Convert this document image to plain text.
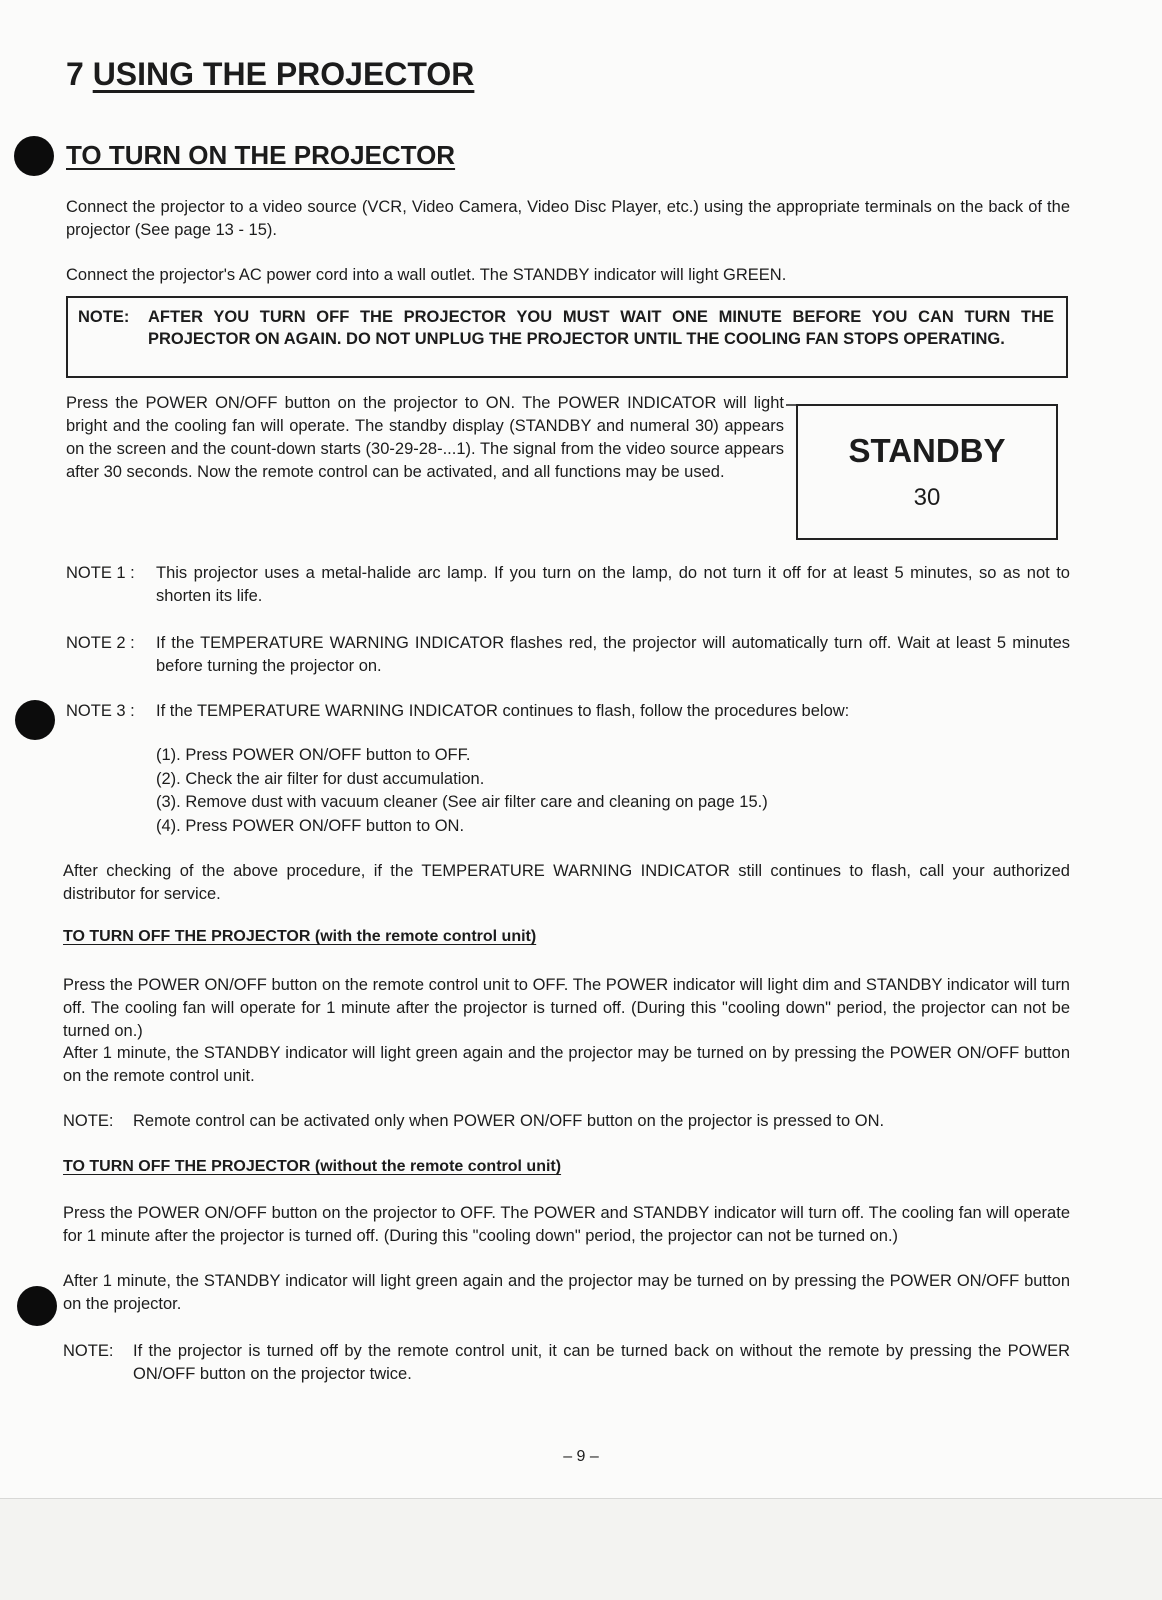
7 USING THE PROJECTOR
TO TURN ON THE PROJECTOR

Connect the projector to a video source (VCR, Video Camera, Video Disc Player, etc.) using the appropriate terminals on the back of the projector (See page 13 - 15).

Connect the projector's AC power cord into a wall outlet. The STANDBY indicator will light GREEN.

NOTE: AFTER YOU TURN OFF THE PROJECTOR YOU MUST WAIT ONE MINUTE BEFORE YOU CAN TURN THE PROJECTOR ON AGAIN. DO NOT UNPLUG THE PROJECTOR UNTIL THE COOLING FAN STOPS OPERATING.

Press the POWER ON/OFF button on the projector to ON. The POWER INDICATOR will light bright and the cooling fan will operate. The standby display (STANDBY and numeral 30) appears on the screen and the count-down starts (30-29-28-...1). The signal from the video source appears after 30 seconds. Now the remote control can be activated, and all functions may be used.

STANDBY
30
NOTE 1 : This projector uses a metal-halide arc lamp. If you turn on the lamp, do not turn it off for at least 5 minutes, so as not to shorten its life.
NOTE 2 : If the TEMPERATURE WARNING INDICATOR flashes red, the projector will automatically turn off. Wait at least 5 minutes before turning the projector on.
NOTE 3 : If the TEMPERATURE WARNING INDICATOR continues to flash, follow the procedures below:
(1). Press POWER ON/OFF button to OFF.
(2). Check the air filter for dust accumulation.
(3). Remove dust with vacuum cleaner (See air filter care and cleaning on page 15.)
(4). Press POWER ON/OFF button to ON.

After checking of the above procedure, if the TEMPERATURE WARNING INDICATOR still continues to flash, call your authorized distributor for service.

TO TURN OFF THE PROJECTOR (with the remote control unit)

Press the POWER ON/OFF button on the remote control unit to OFF. The POWER indicator will light dim and STANDBY indicator will turn off. The cooling fan will operate for 1 minute after the projector is turned off. (During this "cooling down" period, the projector can not be turned on.)

After 1 minute, the STANDBY indicator will light green again and the projector may be turned on by pressing the POWER ON/OFF button on the remote control unit.

NOTE: Remote control can be activated only when POWER ON/OFF button on the projector is pressed to ON.
TO TURN OFF THE PROJECTOR (without the remote control unit)

Press the POWER ON/OFF button on the projector to OFF. The POWER and STANDBY indicator will turn off. The cooling fan will operate for 1 minute after the projector is turned off. (During this "cooling down" period, the projector can not be turned on.)

After 1 minute, the STANDBY indicator will light green again and the projector may be turned on by pressing the POWER ON/OFF button on the projector.

NOTE: If the projector is turned off by the remote control unit, it can be turned back on without the remote by pressing the POWER ON/OFF button on the projector twice.
– 9 –
